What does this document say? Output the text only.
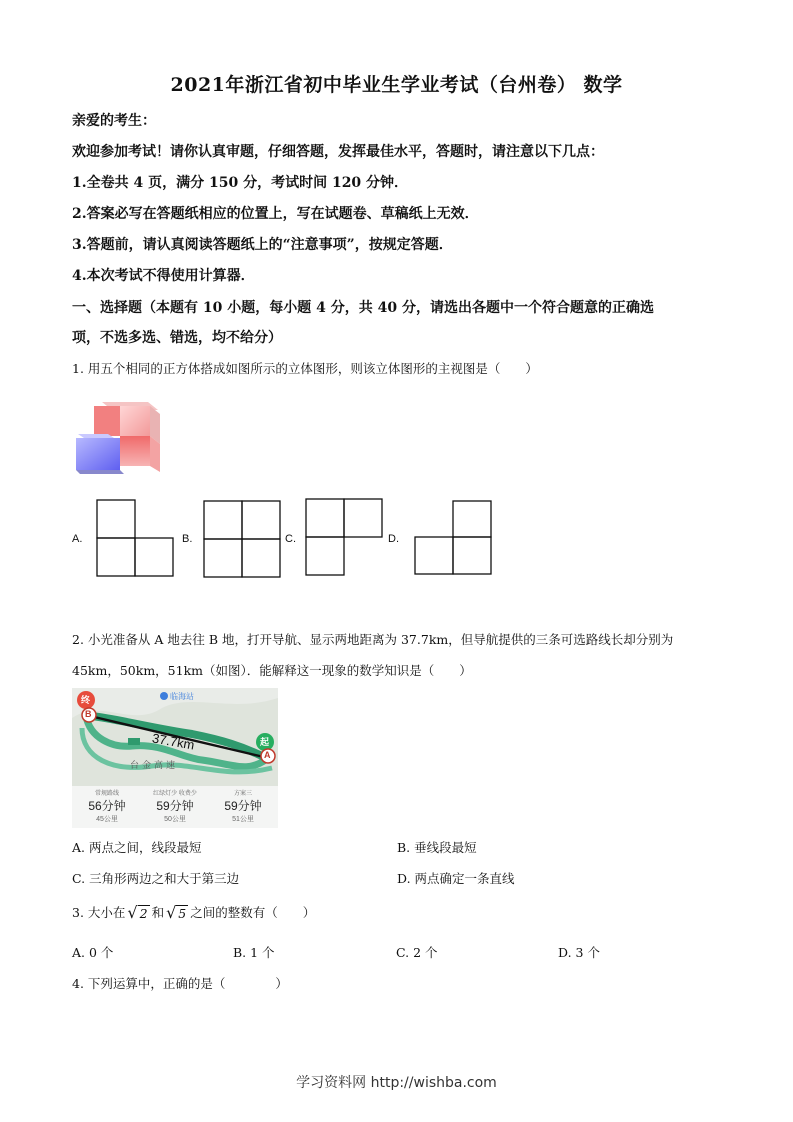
2021年浙江省初中毕业生学业考试（台州卷） 数学
亲爱的考生：
欢迎参加考试！请你认真审题，仔细答题，发挥最佳水平，答题时，请注意以下几点：
1.全卷共 4 页，满分 150 分，考试时间 120 分钟．
2.答案必写在答题纸相应的位置上，写在试题卷、草稿纸上无效．
3.答题前，请认真阅读答题纸上的“注意事项”，按规定答题．
4.本次考试不得使用计算器．
一、选择题（本题有 10 小题，每小题 4 分，共 40 分，请选出各题中一个符合题意的正确选
项，不选多选、错选，均不给分）
1. 用五个相同的正方体搭成如图所示的立体图形，则该立体图形的主视图是（　　）
A.	B.	C.	D.
2. 小光准备从 A 地去往 B 地，打开导航、显示两地距离为 37.7km，但导航提供的三条可选路线长却分别为
45km，50km，51km（如图）．能解释这一现象的数学知识是（　　）
终
B
起
A
临海站
37.7km
台金高速
常规路线
56分钟
45公里
红绿灯少 收费少
59分钟
50公里
方案三
59分钟
51公里
A. 两点之间，线段最短	B. 垂线段最短
C. 三角形两边之和大于第三边	D. 两点确定一条直线
3. 大小在 √ 2 和 √ 5 之间的整数有（　　）
A. 0 个	B. 1 个	C. 2 个	D. 3 个
4. 下列运算中，正确的是（　　　　）
学习资料网 http://wishba.com
